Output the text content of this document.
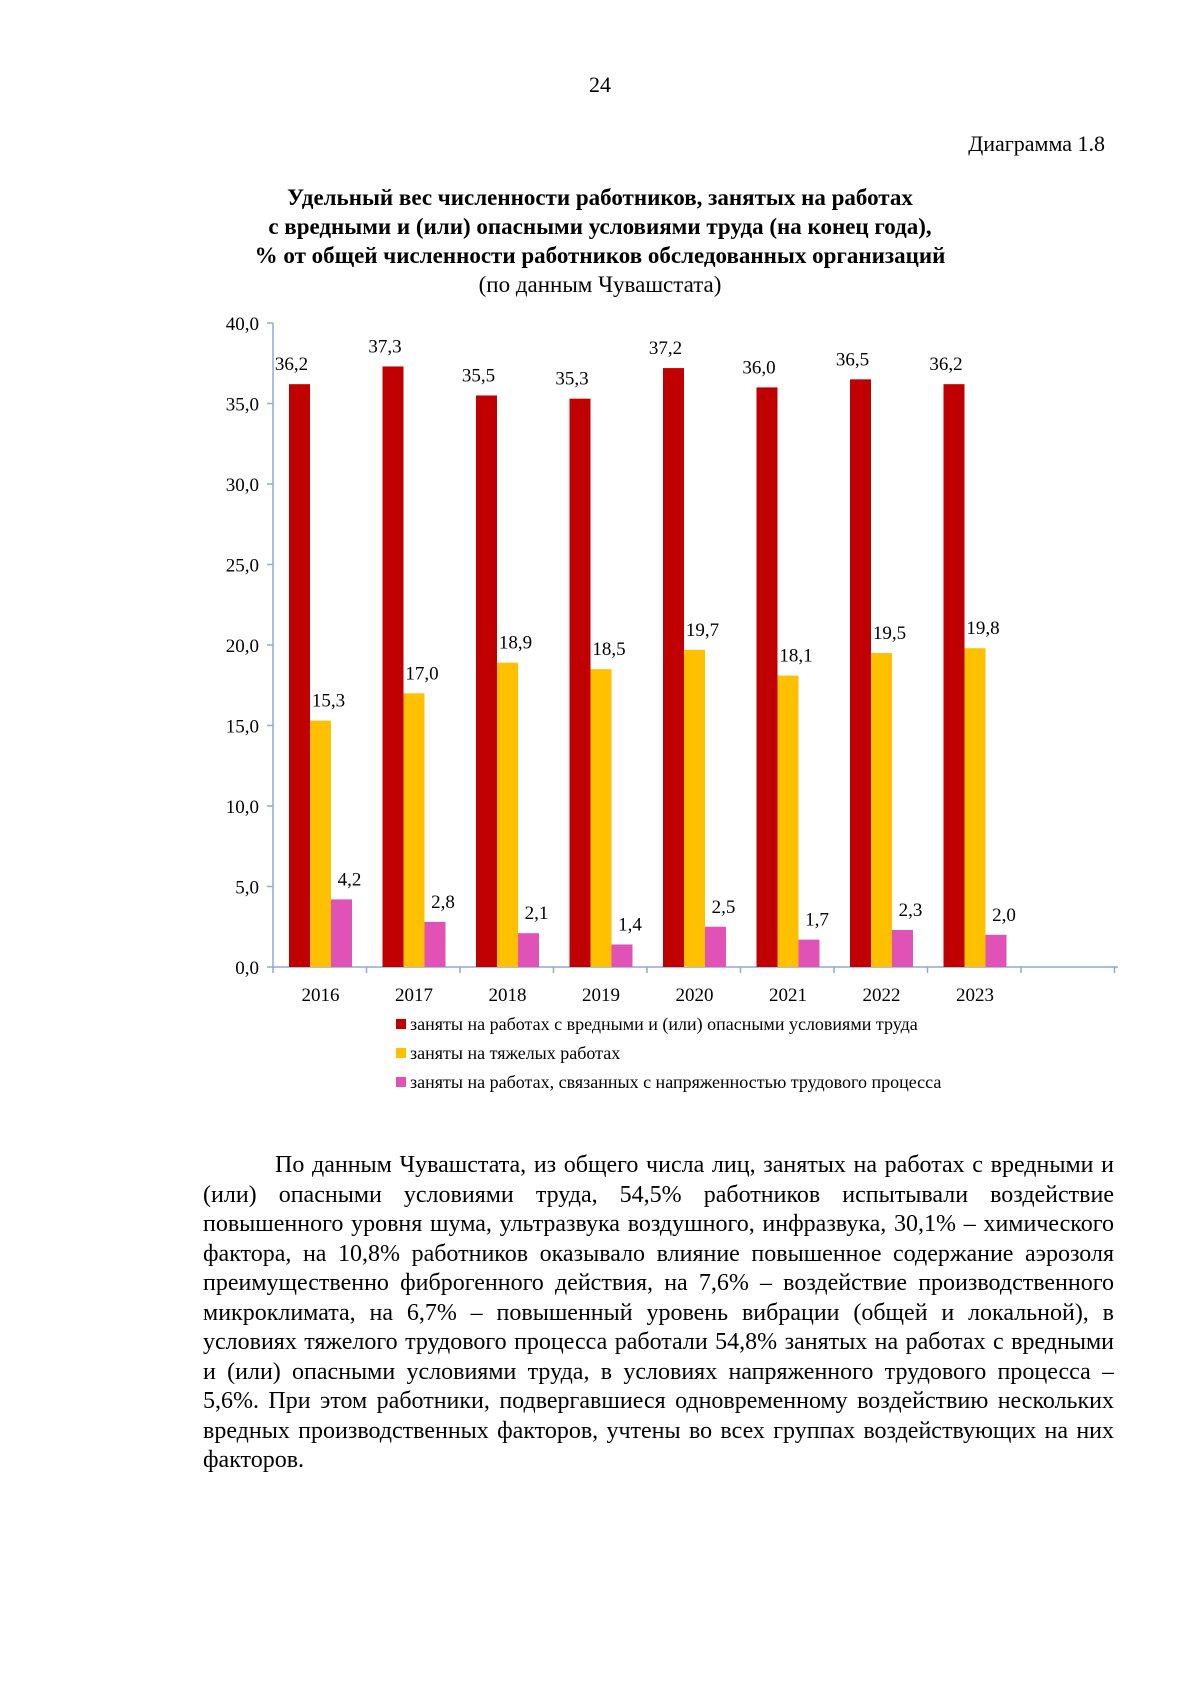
24
Диаграмма 1.8
Удельный вес численности работников, занятых на работах
с вредными и (или) опасными условиями труда (на конец года),
% от общей численности работников обследованных организаций
(по данным Чувашстата)
0,0
5,0
10,0
15,0
20,0
25,0
30,0
35,0
40,0
36,2
15,3
4,2
2016
37,3
17,0
2,8
2017
35,5
18,9
2,1
2018
35,3
18,5
1,4
2019
37,2
19,7
2,5
2020
36,0
18,1
1,7
2021
36,5
19,5
2,3
2022
36,2
19,8
2,0
2023
заняты на работах с вредными и (или) опасными условиями труда
заняты на тяжелых работах
заняты на работах, связанных с напряженностью трудового процесса

По данным Чувашстата, из общего числа лиц, занятых на работах с вредными и (или) опасными условиями труда, 54,5% работников испытывали воздействие повышенного уровня шума, ультразвука воздушного, инфразвука, 30,1% – химического фактора, на 10,8% работников оказывало влияние повышенное содержание аэрозоля преимущественно фиброгенного действия, на 7,6% – воздействие производственного микроклимата, на 6,7% – повышенный уровень вибрации (общей и локальной), в условиях тяжелого трудового процесса работали 54,8% занятых на работах с вредными и (или) опасными условиями труда, в условиях напряженного трудового процесса – 5,6%. При этом работники, подвергавшиеся одновременному воздействию нескольких вредных производственных факторов, учтены во всех группах воздействующих на них факторов.
